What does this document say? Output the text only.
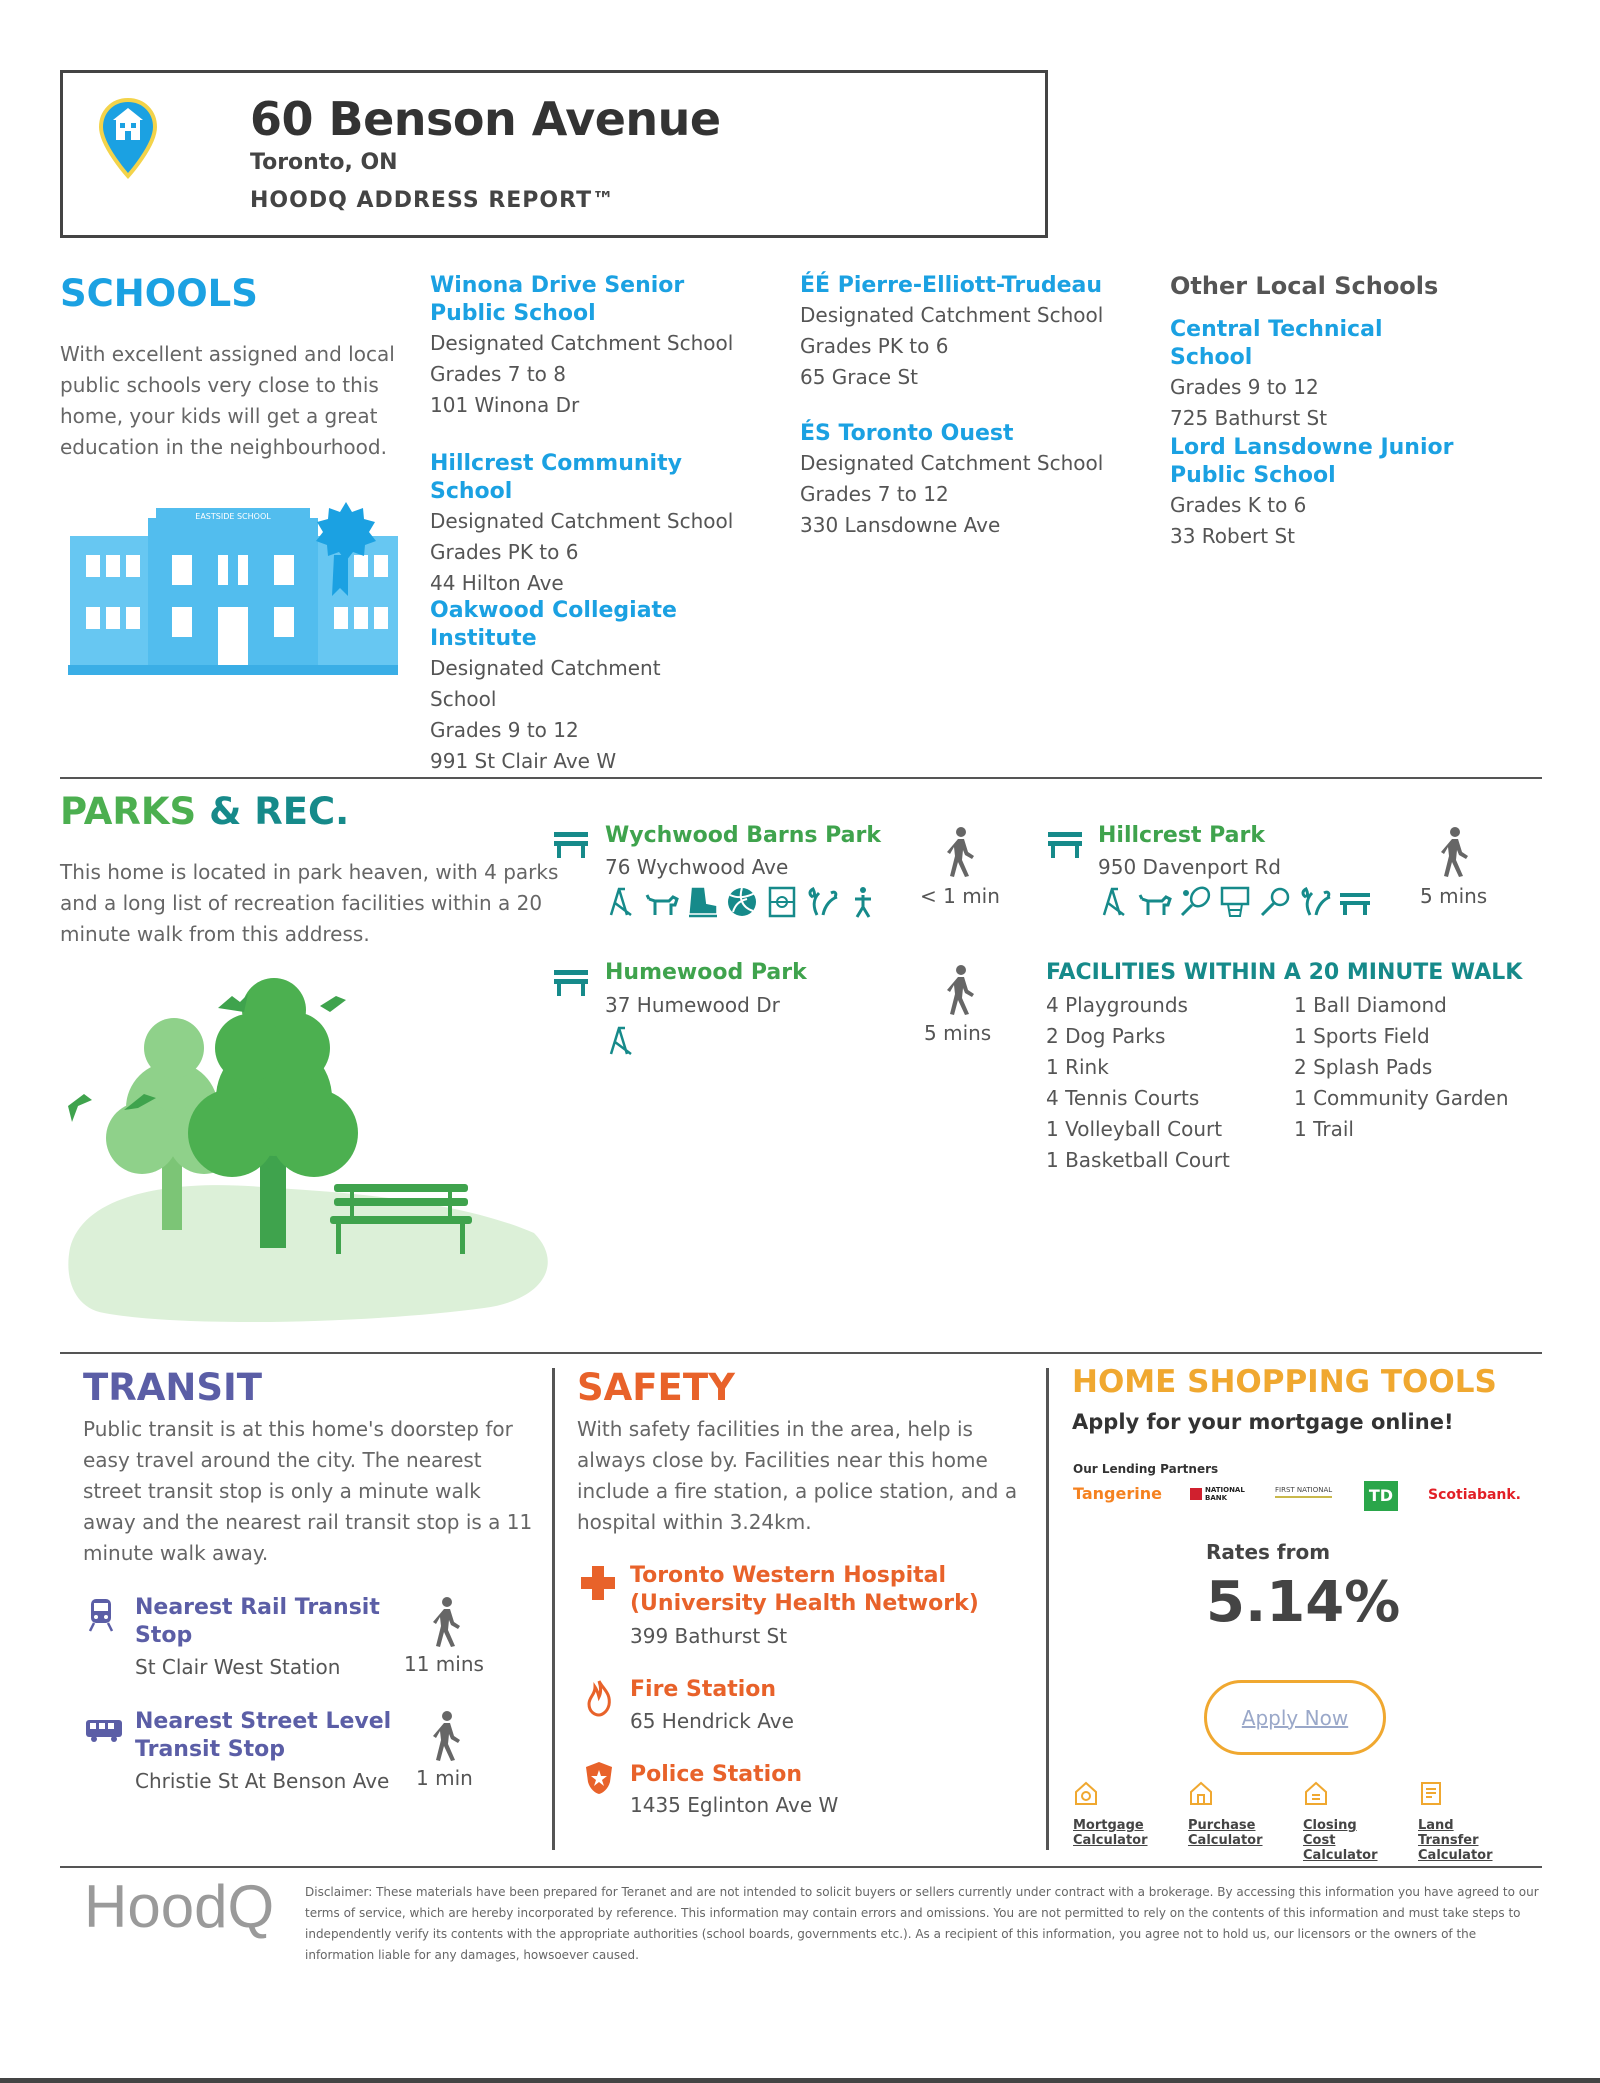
60 Benson Avenue
Toronto, ON
HOODQ ADDRESS REPORT™
SCHOOLS
With excellent assigned and local public schools very close to this home, your kids will get a great education in the neighbourhood.
EASTSIDE SCHOOL
Winona Drive Senior Public School
Designated Catchment School
Grades 7 to 8
101 Winona Dr
Hillcrest Community School
Designated Catchment School
Grades PK to 6
44 Hilton Ave
Oakwood Collegiate Institute
Designated Catchment School
Grades 9 to 12
991 St Clair Ave W
ÉÉ Pierre-Elliott-Trudeau
Designated Catchment School
Grades PK to 6
65 Grace St
ÉS Toronto Ouest
Designated Catchment School
Grades 7 to 12
330 Lansdowne Ave
Other Local Schools
Central Technical School
Grades 9 to 12
725 Bathurst St
Lord Lansdowne Junior Public School
Grades K to 6
33 Robert St
PARKS & REC.
This home is located in park heaven, with 4 parks and a long list of recreation facilities within a 20 minute walk from this address.
Wychwood Barns Park
76 Wychwood Ave
< 1 min
Hillcrest Park
950 Davenport Rd
5 mins
Humewood Park
37 Humewood Dr
5 mins
FACILITIES WITHIN A 20 MINUTE WALK
4 Playgrounds
2 Dog Parks
1 Rink
4 Tennis Courts
1 Volleyball Court
1 Basketball Court
1 Ball Diamond
1 Sports Field
2 Splash Pads
1 Community Garden
1 Trail
TRANSIT
Public transit is at this home's doorstep for easy travel around the city. The nearest street transit stop is only a minute walk away and the nearest rail transit stop is a 11 minute walk away.
Nearest Rail Transit Stop
St Clair West Station	11 mins
Nearest Street Level Transit Stop
Christie St At Benson Ave 1 min
SAFETY
With safety facilities in the area, help is always close by. Facilities near this home include a fire station, a police station, and a hospital within 3.24km.
Toronto Western Hospital (University Health Network)
399 Bathurst St
Fire Station
65 Hendrick Ave
Police Station
1435 Eglinton Ave W
HOME SHOPPING TOOLS
Apply for your mortgage online!
Our Lending Partners
Tangerine	NATIONAL BANK
FIRST NATIONAL	TD	Scotiabank.
Rates from
5.14%
Apply Now
Mortgage Calculator
Purchase Calculator
Closing Cost Calculator
Land Transfer Calculator
HoodQ	Disclaimer: These materials have been prepared for Teranet and are not intended to solicit buyers or sellers currently under contract with a brokerage. By accessing this information you have agreed to our terms of service, which are hereby incorporated by reference. This information may contain errors and omissions. You are not permitted to rely on the contents of this information and must take steps to independently verify its contents with the appropriate authorities (school boards, governments etc.). As a recipient of this information, you agree not to hold us, our licensors or the owners of the information liable for any damages, howsoever caused.
